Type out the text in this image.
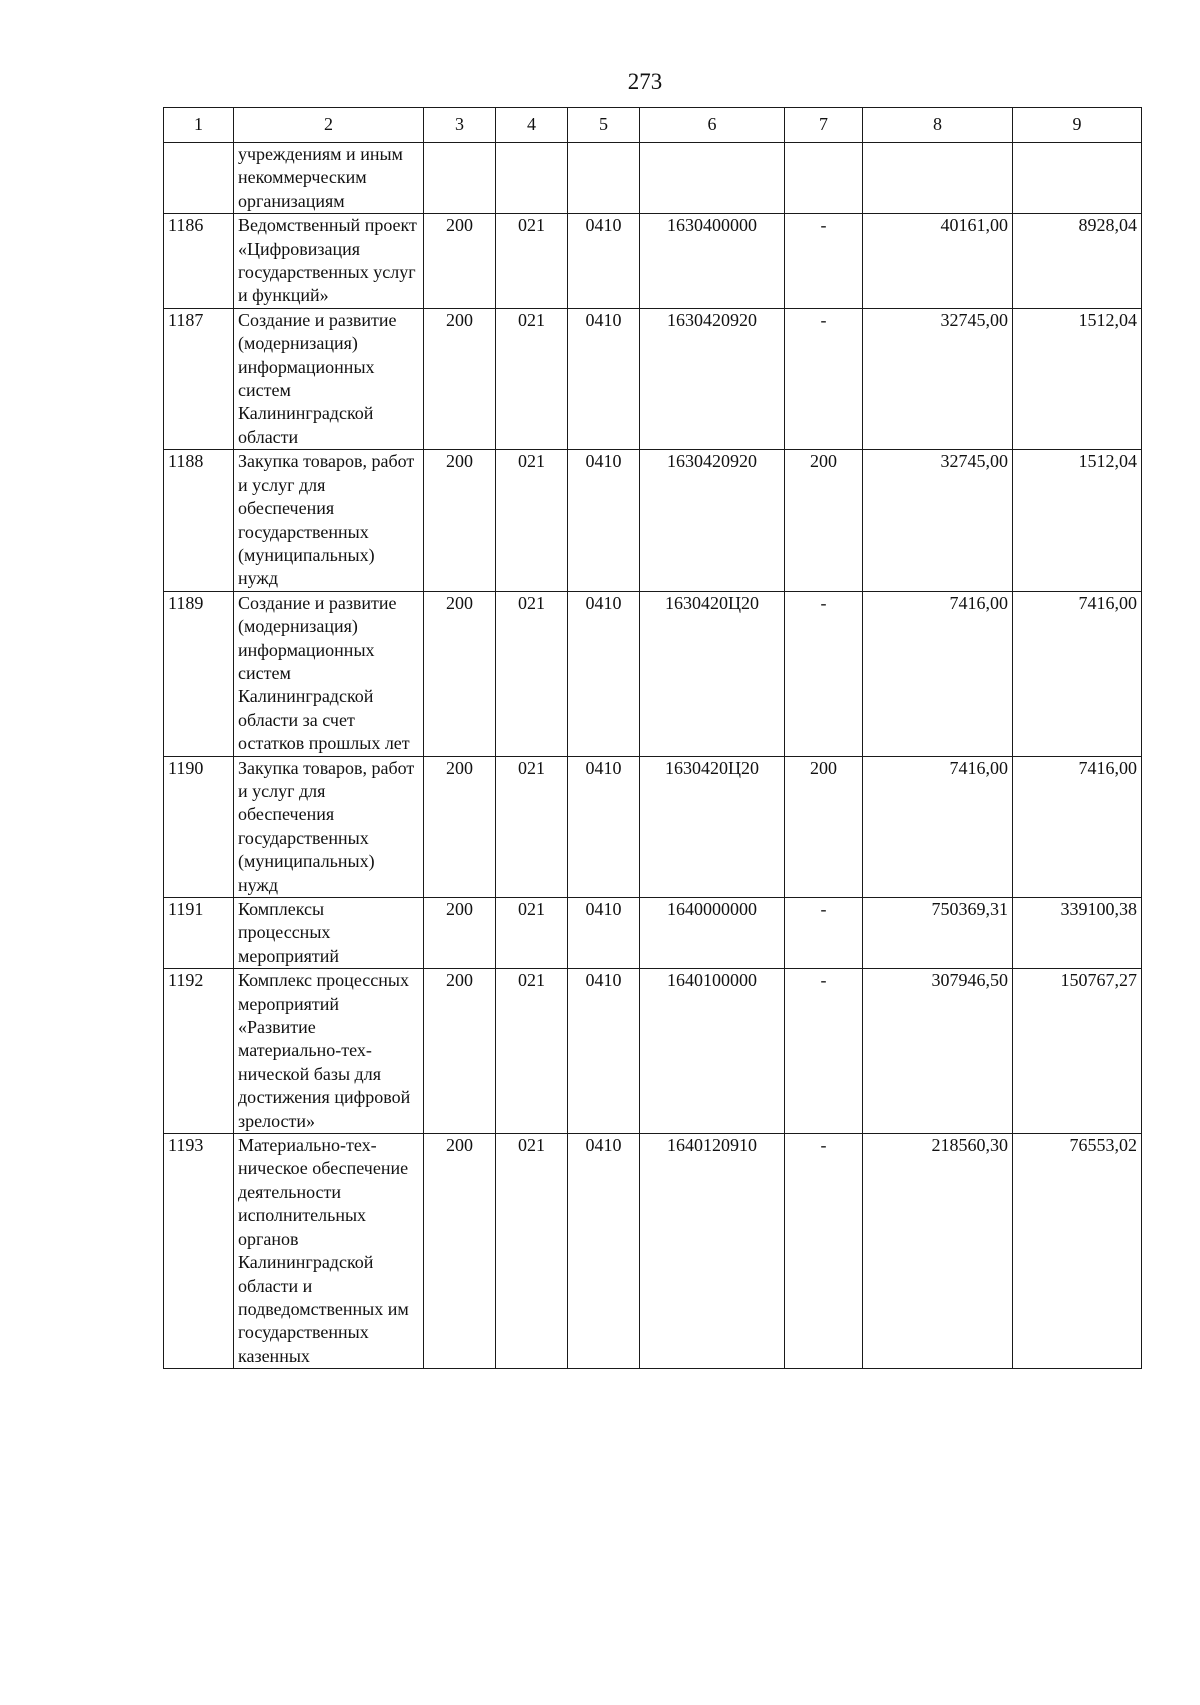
273
1	2	3	4	5	6	7	8	9
	учреждениям и иным некоммерческим организациям							
1186	Ведомственный проект «Цифровизация государственных услуг и функций»	200	021	0410	1630400000	-	40161,00	8928,04
1187	Создание и развитие (модернизация) информационных систем Калининградской области	200	021	0410	1630420920	-	32745,00	1512,04
1188	Закупка товаров, работ и услуг для обеспечения государственных (муниципальных) нужд	200	021	0410	1630420920	200	32745,00	1512,04
1189	Создание и развитие (модернизация) информационных систем Калининградской области за счет остатков прошлых лет	200	021	0410	1630420Ц20	-	7416,00	7416,00
1190	Закупка товаров, работ и услуг для обеспечения государственных (муниципальных) нужд	200	021	0410	1630420Ц20	200	7416,00	7416,00
1191	Комплексы процессных мероприятий	200	021	0410	1640000000	-	750369,31	339100,38
1192	Комплекс процессных мероприятий «Развитие материально-тех-нической базы для достижения цифровой зрелости»	200	021	0410	1640100000	-	307946,50	150767,27
1193	Материально-тех-ническое обеспечение деятельности исполнительных органов Калининградской области и подведомственных им государственных казенных	200	021	0410	1640120910	-	218560,30	76553,02
